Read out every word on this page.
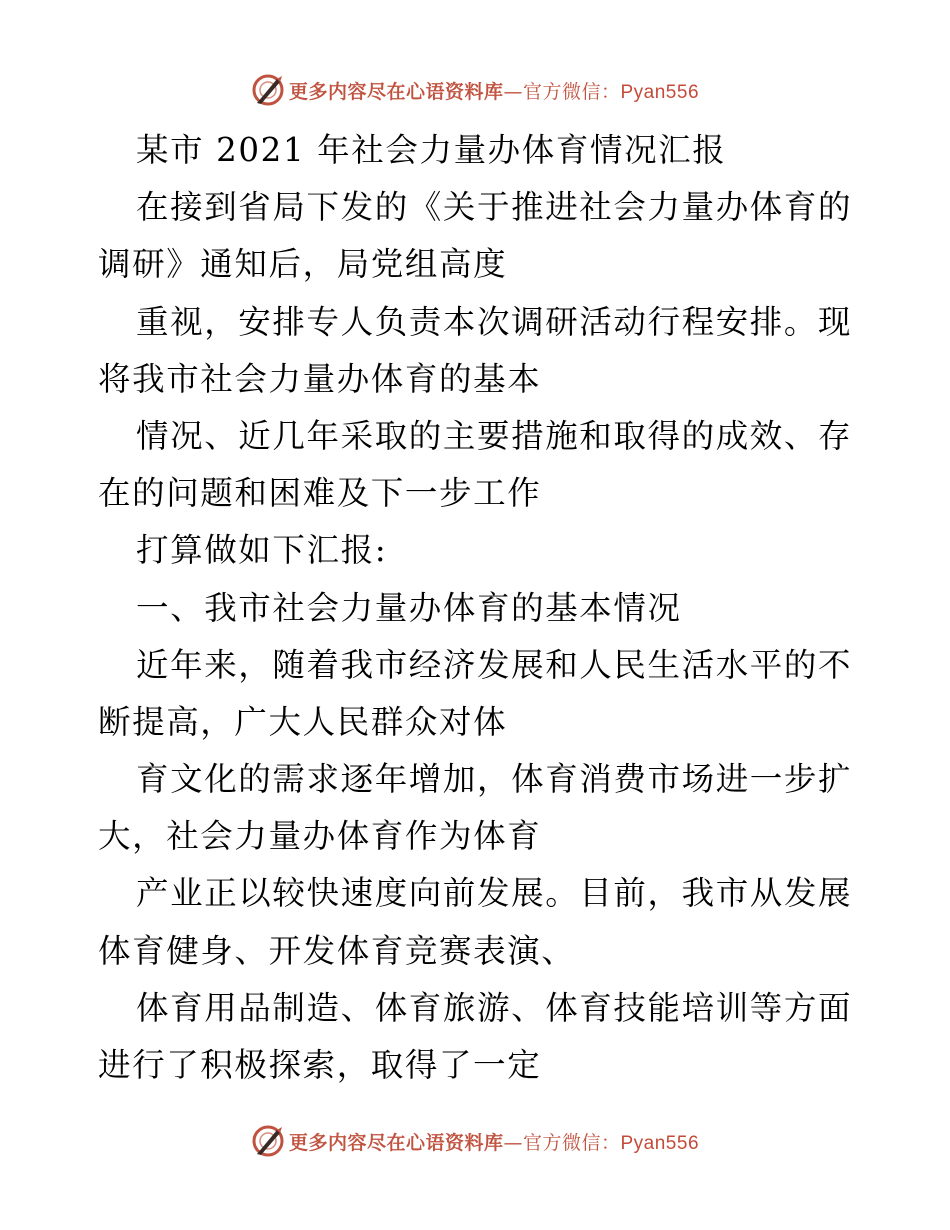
更多内容尽在心语资料库—官方微信：Pyan556
某市 2021 年社会力量办体育情况汇报
在接到省局下发的《关于推进社会力量办体育的
调研》通知后，局党组高度
重视，安排专人负责本次调研活动行程安排。现
将我市社会力量办体育的基本
情况、近几年采取的主要措施和取得的成效、存
在的问题和困难及下一步工作
打算做如下汇报:
一、我市社会力量办体育的基本情况
近年来，随着我市经济发展和人民生活水平的不
断提高，广大人民群众对体
育文化的需求逐年增加，体育消费市场进一步扩
大，社会力量办体育作为体育
产业正以较快速度向前发展。目前，我市从发展
体育健身、开发体育竞赛表演、
体育用品制造、体育旅游、体育技能培训等方面
进行了积极探索，取得了一定
更多内容尽在心语资料库—官方微信：Pyan556
